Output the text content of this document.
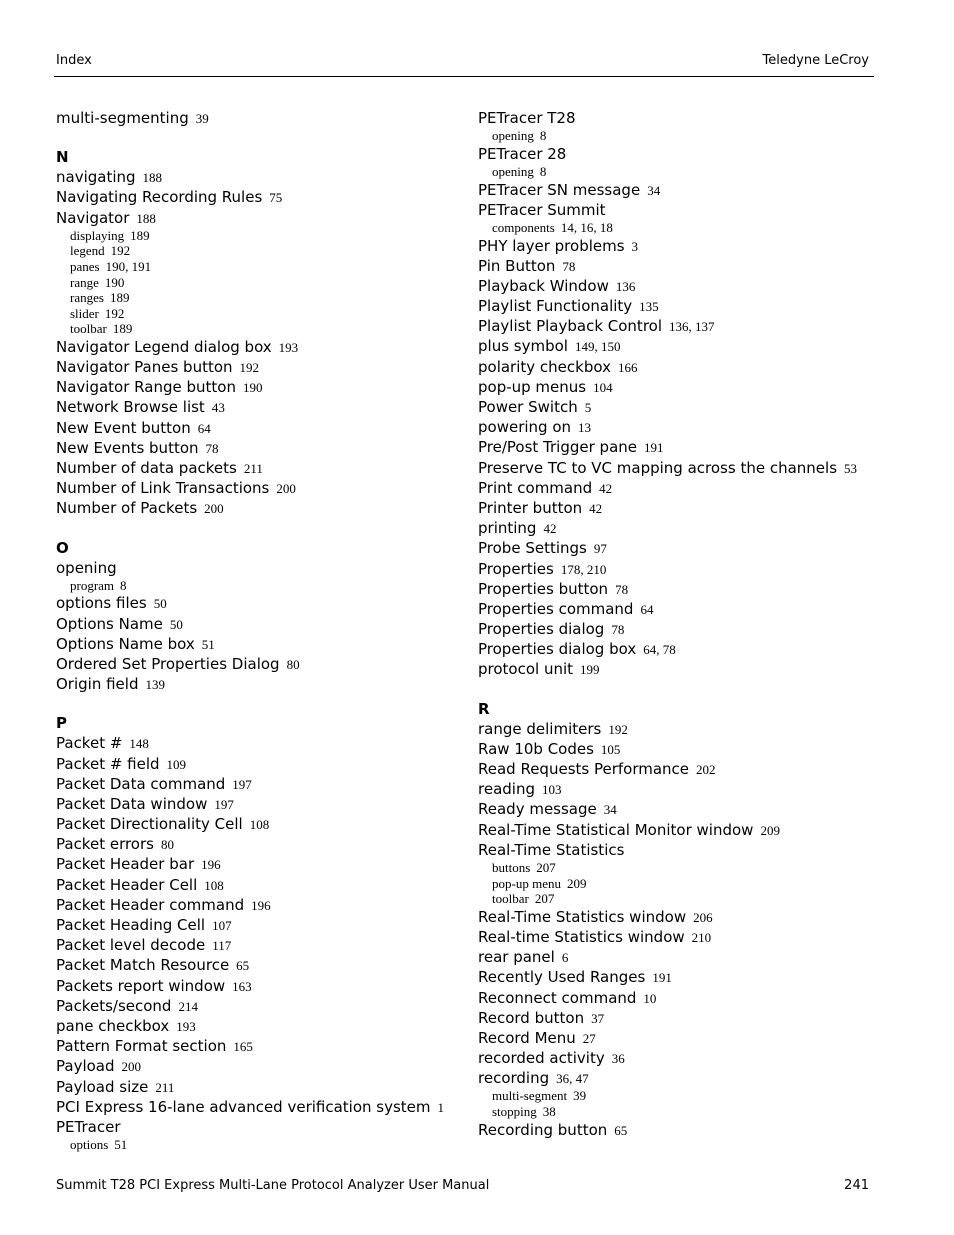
Index	Teledyne LeCroy
multi-segmenting 39
N
navigating 188
Navigating Recording Rules 75
Navigator 188
displaying 189
legend 192
panes 190, 191
range 190
ranges 189
slider 192
toolbar 189
Navigator Legend dialog box 193
Navigator Panes button 192
Navigator Range button 190
Network Browse list 43
New Event button 64
New Events button 78
Number of data packets 211
Number of Link Transactions 200
Number of Packets 200
O
opening
program 8
options files 50
Options Name 50
Options Name box 51
Ordered Set Properties Dialog 80
Origin field 139
P
Packet # 148
Packet # field 109
Packet Data command 197
Packet Data window 197
Packet Directionality Cell 108
Packet errors 80
Packet Header bar 196
Packet Header Cell 108
Packet Header command 196
Packet Heading Cell 107
Packet level decode 117
Packet Match Resource 65
Packets report window 163
Packets/second 214
pane checkbox 193
Pattern Format section 165
Payload 200
Payload size 211
PCI Express 16-lane advanced verification system 1
PETracer
options 51
PETracer T28
opening 8
PETracer 28
opening 8
PETracer SN message 34
PETracer Summit
components 14, 16, 18
PHY layer problems 3
Pin Button 78
Playback Window 136
Playlist Functionality 135
Playlist Playback Control 136, 137
plus symbol 149, 150
polarity checkbox 166
pop-up menus 104
Power Switch 5
powering on 13
Pre/Post Trigger pane 191
Preserve TC to VC mapping across the channels 53
Print command 42
Printer button 42
printing 42
Probe Settings 97
Properties 178, 210
Properties button 78
Properties command 64
Properties dialog 78
Properties dialog box 64, 78
protocol unit 199
R
range delimiters 192
Raw 10b Codes 105
Read Requests Performance 202
reading 103
Ready message 34
Real-Time Statistical Monitor window 209
Real-Time Statistics
buttons 207
pop-up menu 209
toolbar 207
Real-Time Statistics window 206
Real-time Statistics window 210
rear panel 6
Recently Used Ranges 191
Reconnect command 10
Record button 37
Record Menu 27
recorded activity 36
recording 36, 47
multi-segment 39
stopping 38
Recording button 65
Summit T28 PCI Express Multi-Lane Protocol Analyzer User Manual	241
